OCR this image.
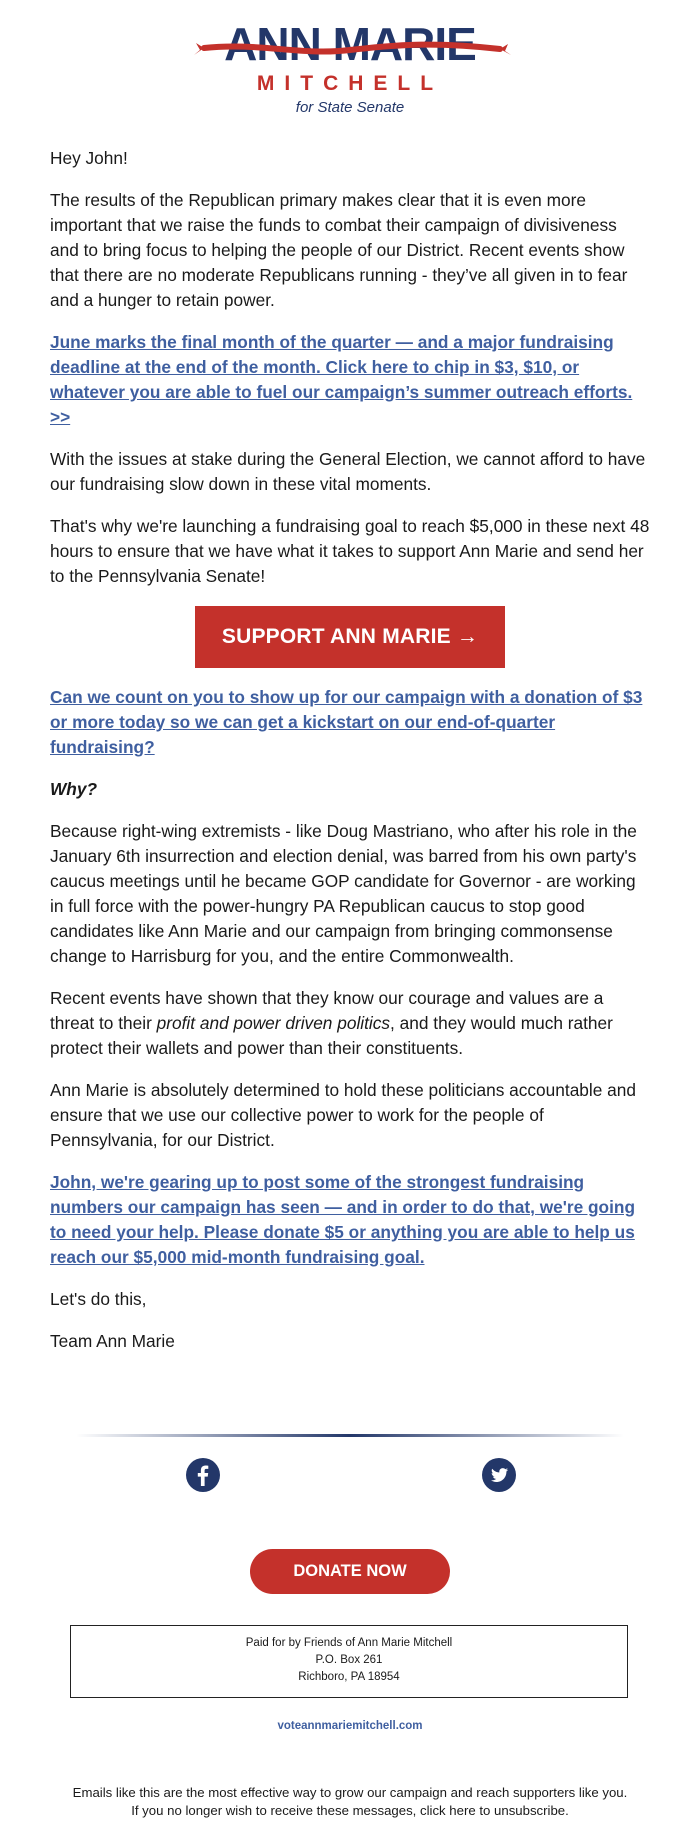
ANN MARIE
MITCHELL
for State Senate

Hey John!

The results of the Republican primary makes clear that it is even more important that we raise the funds to combat their campaign of divisiveness and to bring focus to helping the people of our District. Recent events show that there are no moderate Republicans running - they’ve all given in to fear and a hunger to retain power.

June marks the final month of the quarter — and a major fundraising deadline at the end of the month. Click here to chip in $3, $10, or whatever you are able to fuel our campaign’s summer outreach efforts. >>

With the issues at stake during the General Election, we cannot afford to have our fundraising slow down in these vital moments.

That's why we're launching a fundraising goal to reach $5,000 in these next 48 hours to ensure that we have what it takes to support Ann Marie and send her to the Pennsylvania Senate!

SUPPORT ANN MARIE →

Can we count on you to show up for our campaign with a donation of $3 or more today so we can get a kickstart on our end-of-quarter fundraising?

Why?

Because right-wing extremists - like Doug Mastriano, who after his role in the January 6th insurrection and election denial, was barred from his own party's caucus meetings until he became GOP candidate for Governor - are working in full force with the power-hungry PA Republican caucus to stop good candidates like Ann Marie and our campaign from bringing commonsense change to Harrisburg for you, and the entire Commonwealth.

Recent events have shown that they know our courage and values are a threat to their profit and power driven politics, and they would much rather protect their wallets and power than their constituents.

Ann Marie is absolutely determined to hold these politicians accountable and ensure that we use our collective power to work for the people of Pennsylvania, for our District.

John, we're gearing up to post some of the strongest fundraising numbers our campaign has seen — and in order to do that, we're going to need your help. Please donate $5 or anything you are able to help us reach our $5,000 mid-month fundraising goal.

Let's do this,

Team Ann Marie

DONATE NOW
Paid for by Friends of Ann Marie Mitchell
P.O. Box 261
Richboro, PA 18954
voteannmariemitchell.com
Emails like this are the most effective way to grow our campaign and reach supporters like you.
If you no longer wish to receive these messages, click here to unsubscribe.
